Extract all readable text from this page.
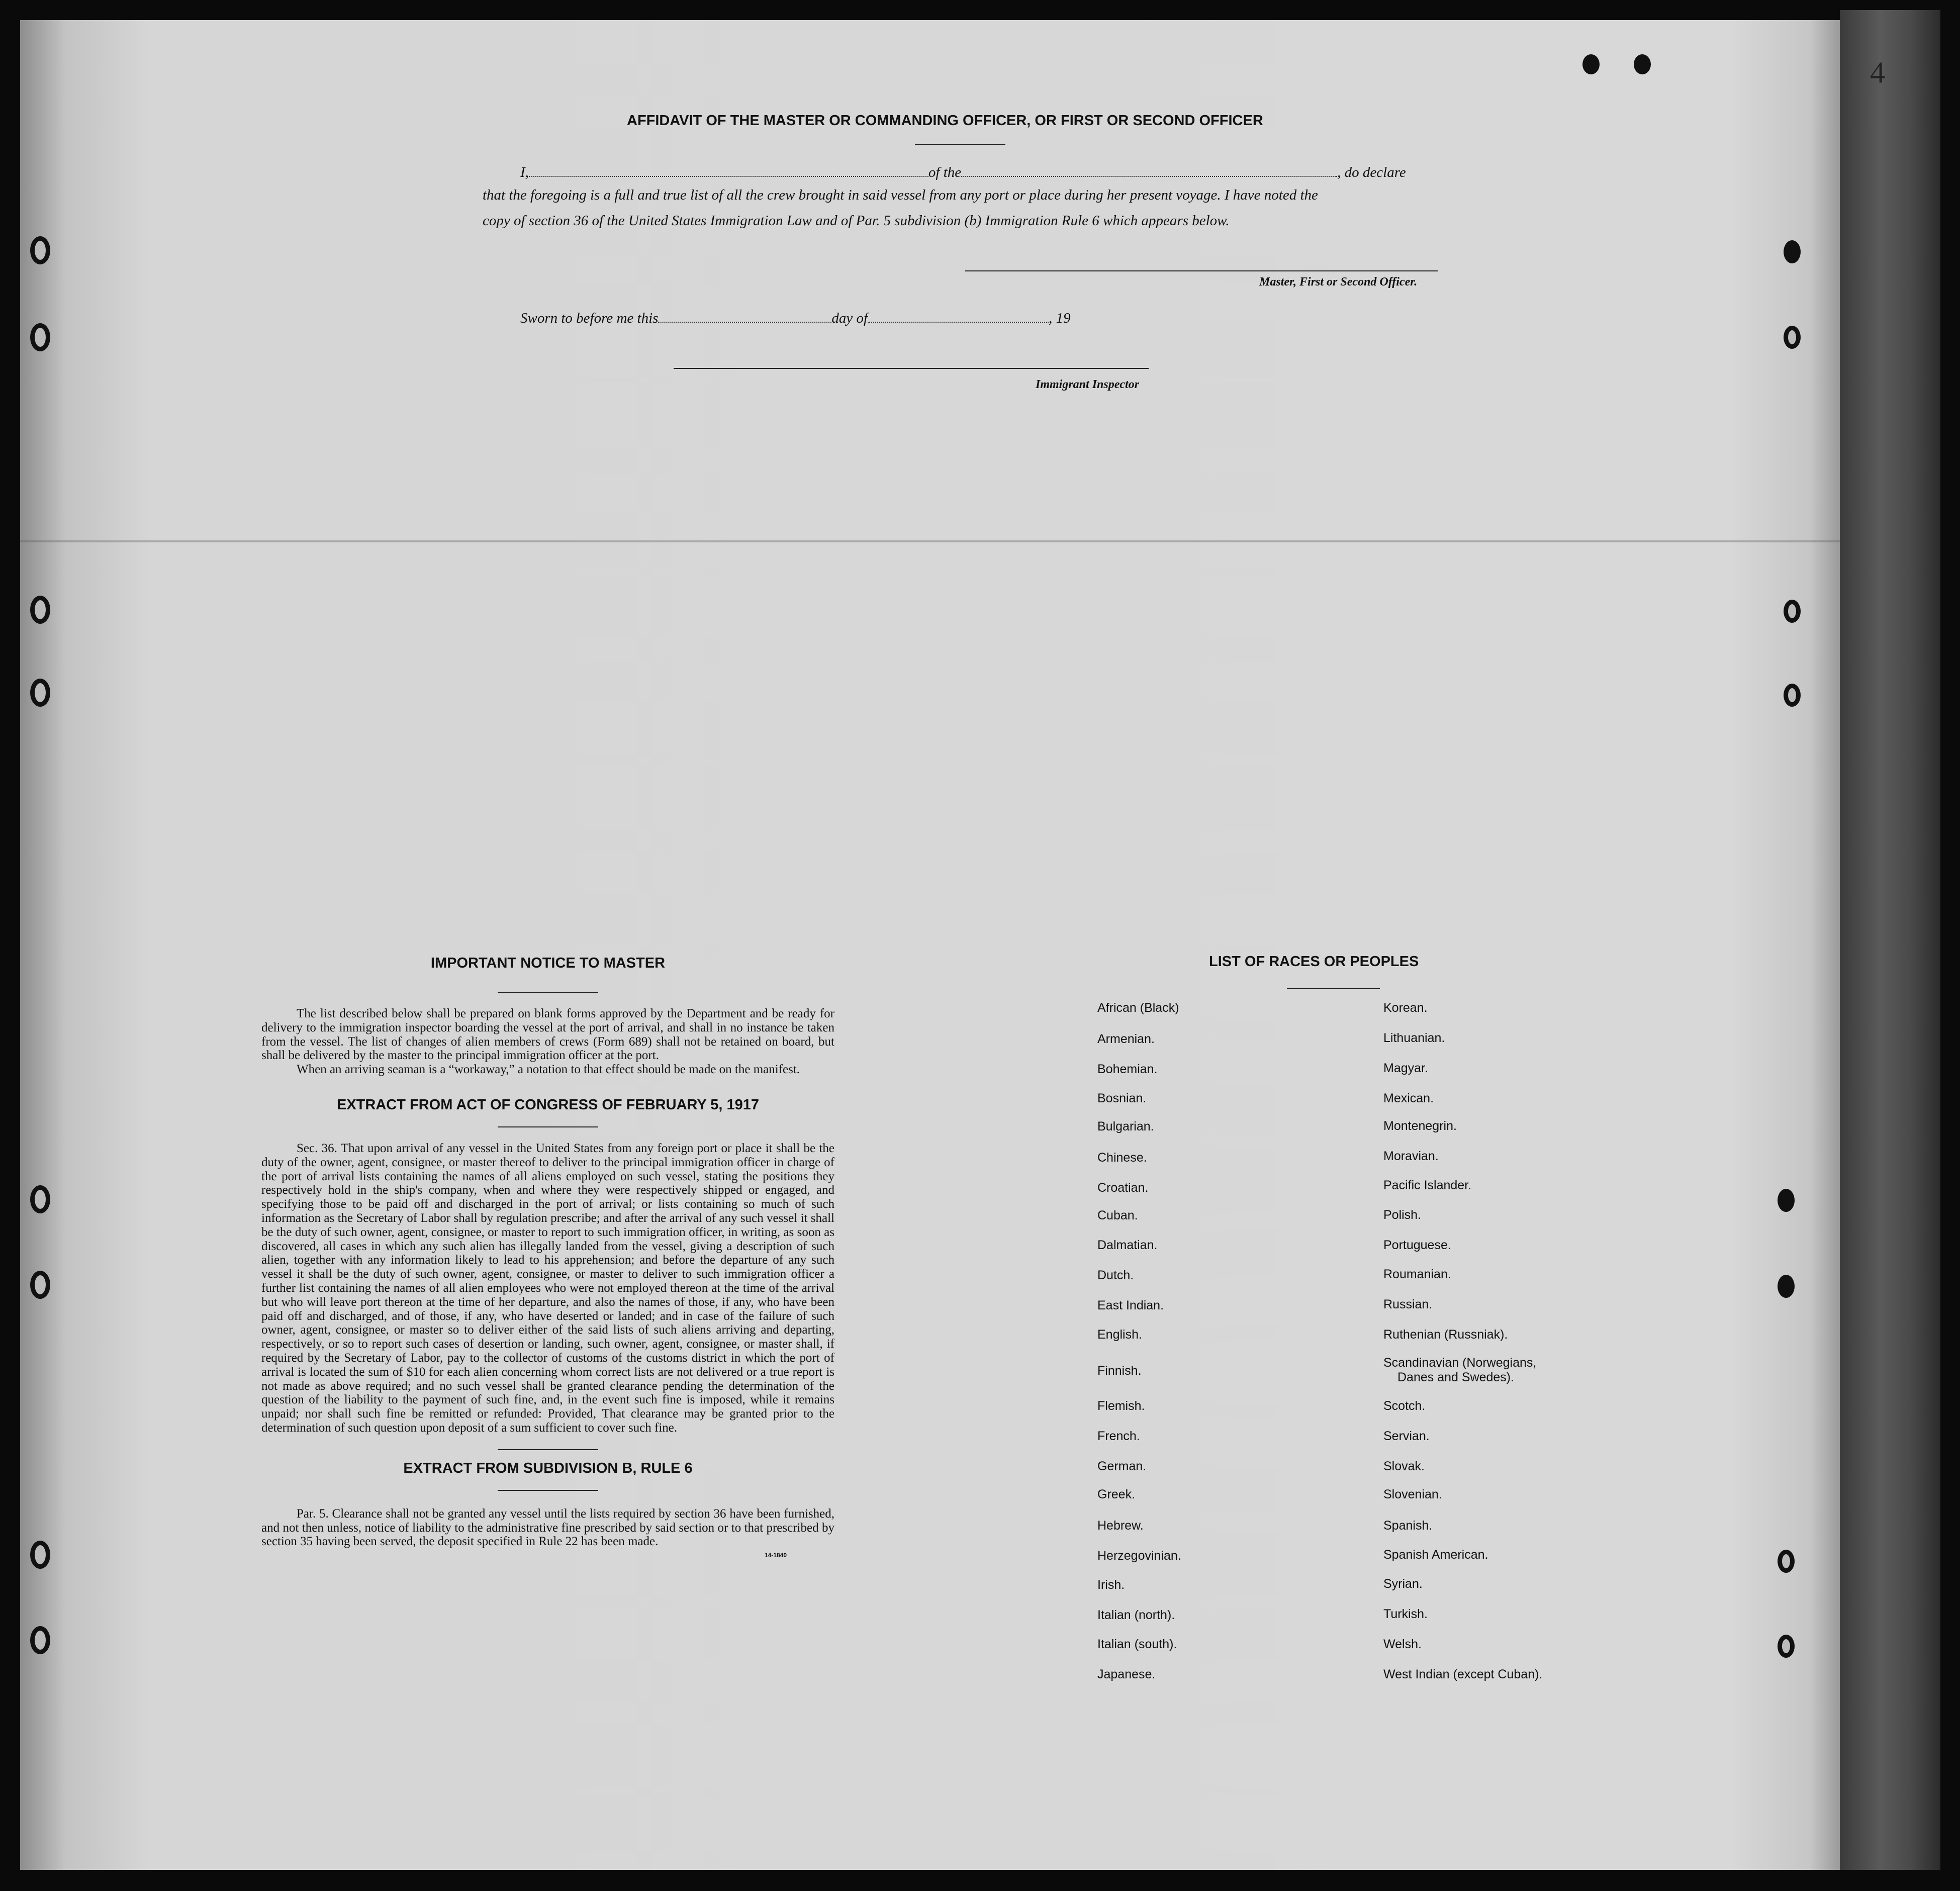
4
AFFIDAVIT OF THE MASTER OR COMMANDING OFFICER, OR FIRST OR SECOND OFFICER
I,	of the	, do declare
that the foregoing is a full and true list of all the crew brought in said vessel from any port or place during her present voyage. I have noted the
copy of section 36 of the United States Immigration Law and of Par. 5 subdivision (b) Immigration Rule 6 which appears below.
Master, First or Second Officer.
Sworn to before me this	day of	, 19
Immigrant Inspector
IMPORTANT NOTICE TO MASTER

The list described below shall be prepared on blank forms approved by the Department and be ready for delivery to the immigration inspector boarding the vessel at the port of arrival, and shall in no instance be taken from the vessel. The list of changes of alien members of crews (Form 689) shall not be retained on board, but shall be delivered by the master to the principal immigration officer at the port.

When an arriving seaman is a “workaway,” a notation to that effect should be made on the manifest.

EXTRACT FROM ACT OF CONGRESS OF FEBRUARY 5, 1917

Sec. 36. That upon arrival of any vessel in the United States from any foreign port or place it shall be the duty of the owner, agent, consignee, or master thereof to deliver to the principal immigration officer in charge of the port of arrival lists containing the names of all aliens employed on such vessel, stating the positions they respectively hold in the ship's company, when and where they were respectively shipped or engaged, and specifying those to be paid off and discharged in the port of arrival; or lists containing so much of such information as the Secretary of Labor shall by regulation prescribe; and after the arrival of any such vessel it shall be the duty of such owner, agent, consignee, or master to report to such immigration officer, in writing, as soon as discovered, all cases in which any such alien has illegally landed from the vessel, giving a description of such alien, together with any information likely to lead to his apprehension; and before the departure of any such vessel it shall be the duty of such owner, agent, consignee, or master to deliver to such immigration officer a further list containing the names of all alien employees who were not employed thereon at the time of the arrival but who will leave port thereon at the time of her departure, and also the names of those, if any, who have been paid off and discharged, and of those, if any, who have deserted or landed; and in case of the failure of such owner, agent, consignee, or master so to deliver either of the said lists of such aliens arriving and departing, respectively, or so to report such cases of desertion or landing, such owner, agent, consignee, or master shall, if required by the Secretary of Labor, pay to the collector of customs of the customs district in which the port of arrival is located the sum of $10 for each alien concerning whom correct lists are not delivered or a true report is not made as above required; and no such vessel shall be granted clearance pending the determination of the question of the liability to the payment of such fine, and, in the event such fine is imposed, while it remains unpaid; nor shall such fine be remitted or refunded: Provided, That clearance may be granted prior to the determination of such question upon deposit of a sum sufficient to cover such fine.

EXTRACT FROM SUBDIVISION B, RULE 6

Par. 5. Clearance shall not be granted any vessel until the lists required by section 36 have been furnished, and not then unless, notice of liability to the administrative fine prescribed by said section or to that prescribed by section 35 having been served, the deposit specified in Rule 22 has been made.

14-1840
LIST OF RACES OR PEOPLES
African (Black)
Armenian.
Bohemian.
Bosnian.
Bulgarian.
Chinese.
Croatian.
Cuban.
Dalmatian.
Dutch.
East Indian.
English.
Finnish.
Flemish.
French.
German.
Greek.
Hebrew.
Herzegovinian.
Irish.
Italian (north).
Italian (south).
Japanese.
Korean.
Lithuanian.
Magyar.
Mexican.
Montenegrin.
Moravian.
Pacific Islander.
Polish.
Portuguese.
Roumanian.
Russian.
Ruthenian (Russniak).
Scandinavian (Norwegians,
Danes and Swedes).
Scotch.
Servian.
Slovak.
Slovenian.
Spanish.
Spanish American.
Syrian.
Turkish.
Welsh.
West Indian (except Cuban).
